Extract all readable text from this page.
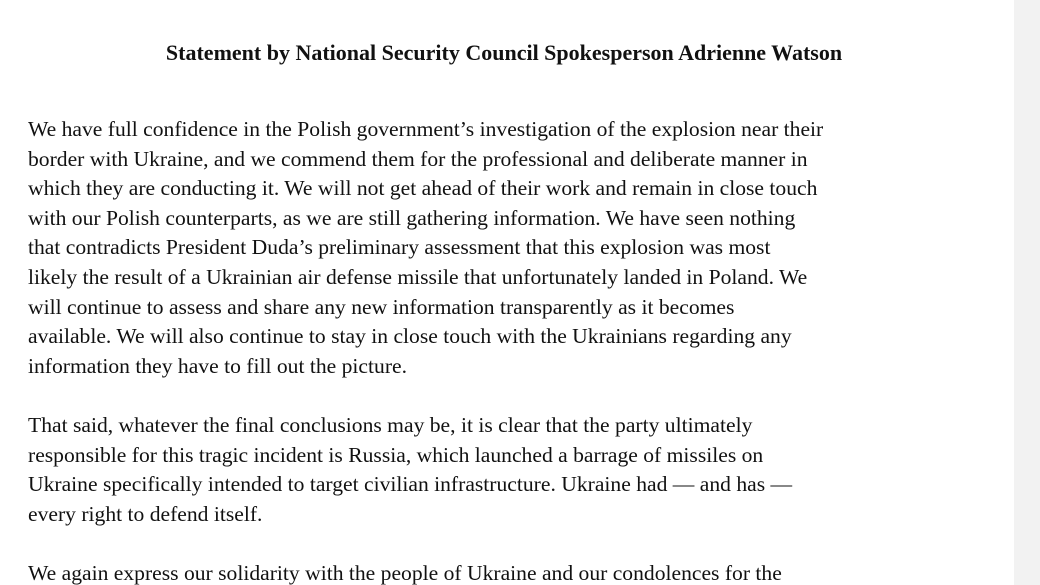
Statement by National Security Council Spokesperson Adrienne Watson

We have full confidence in the Polish government’s investigation of the explosion near their
border with Ukraine, and we commend them for the professional and deliberate manner in
which they are conducting it. We will not get ahead of their work and remain in close touch
with our Polish counterparts, as we are still gathering information. We have seen nothing
that contradicts President Duda’s preliminary assessment that this explosion was most
likely the result of a Ukrainian air defense missile that unfortunately landed in Poland. We
will continue to assess and share any new information transparently as it becomes
available. We will also continue to stay in close touch with the Ukrainians regarding any
information they have to fill out the picture.

That said, whatever the final conclusions may be, it is clear that the party ultimately
responsible for this tragic incident is Russia, which launched a barrage of missiles on
Ukraine specifically intended to target civilian infrastructure. Ukraine had — and has —
every right to defend itself.

We again express our solidarity with the people of Ukraine and our condolences for the
